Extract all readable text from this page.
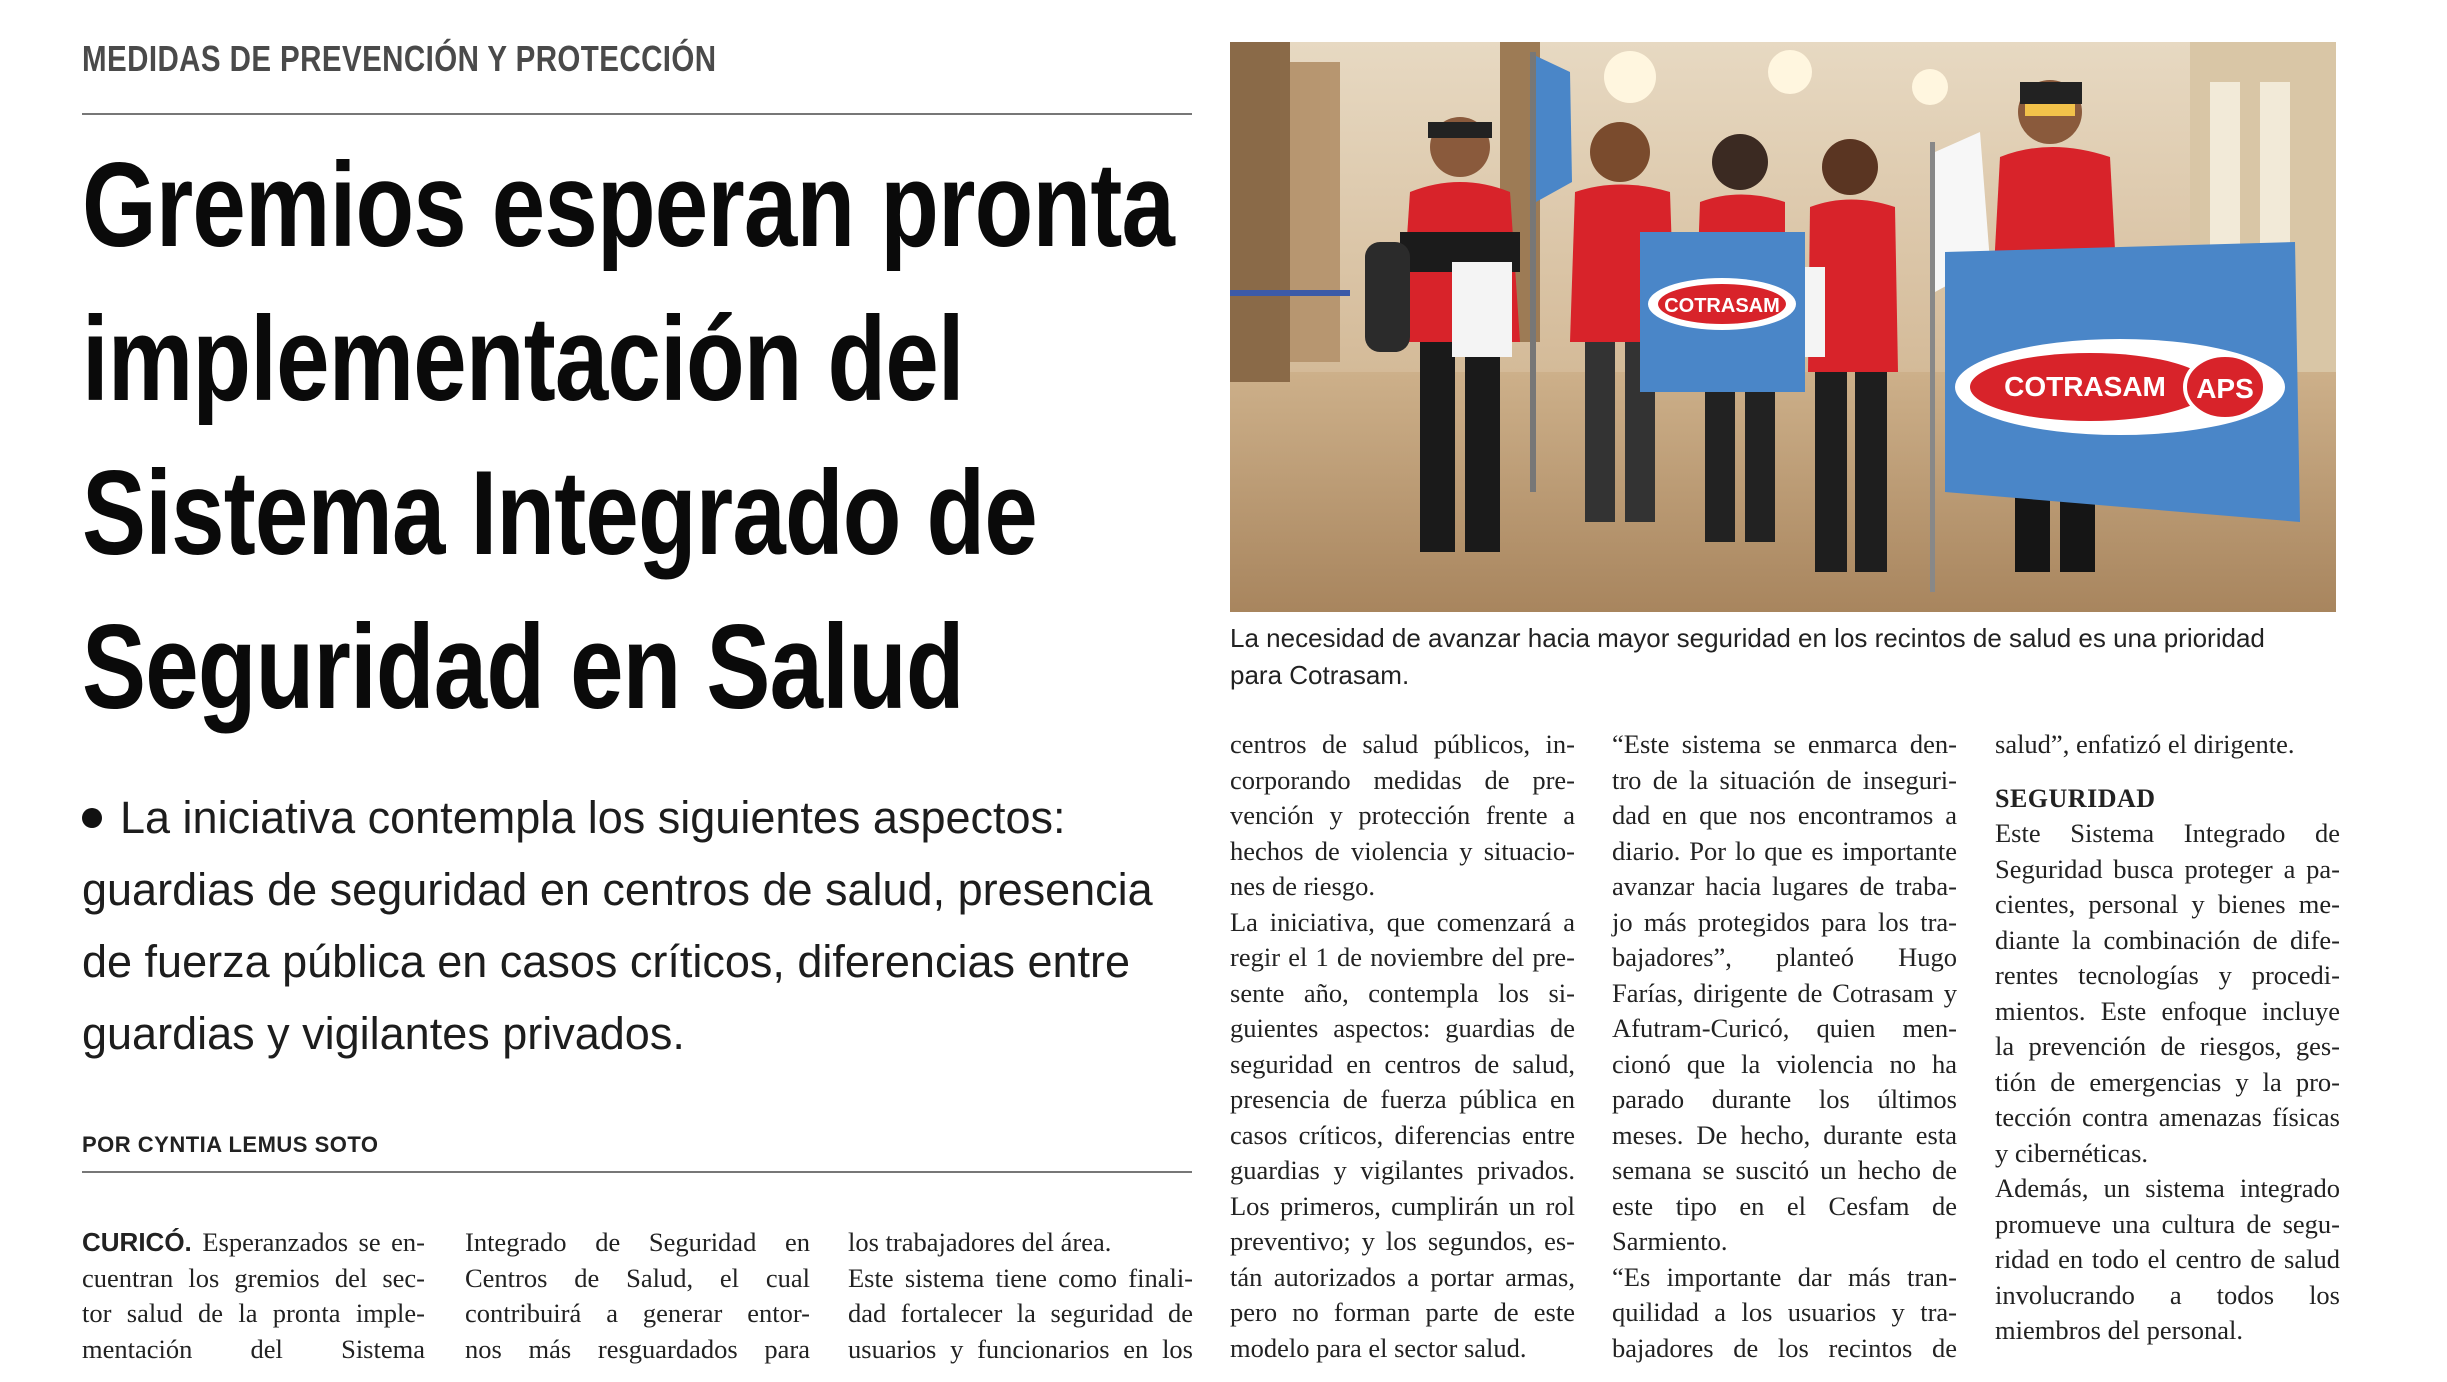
MEDIDAS DE PREVENCIÓN Y PROTECCIÓN
Gremios esperan pronta
implementación del
Sistema Integrado de
Seguridad en Salud
La iniciativa contempla los siguientes aspectos:
guardias de seguridad en centros de salud, presencia
de fuerza pública en casos críticos, diferencias entre
guardias y vigilantes privados.
POR CYNTIA LEMUS SOTO
COTRASAM
COTRASAM APS
La necesidad de avanzar hacia mayor seguridad en los recintos de salud es una prioridad
para Cotrasam.
CURICÓ. Esperanzados se en-
cuentran los gremios del sec-
tor salud de la pronta imple-
mentación del Sistema
Integrado de Seguridad en
Centros de Salud, el cual
contribuirá a generar entor-
nos más resguardados para
los trabajadores del área.
Este sistema tiene como finali-
dad fortalecer la seguridad de
usuarios y funcionarios en los
centros de salud públicos, in-
corporando medidas de pre-
vención y protección frente a
hechos de violencia y situacio-
nes de riesgo.
La iniciativa, que comenzará a
regir el 1 de noviembre del pre-
sente año, contempla los si-
guientes aspectos: guardias de
seguridad en centros de salud,
presencia de fuerza pública en
casos críticos, diferencias entre
guardias y vigilantes privados.
Los primeros, cumplirán un rol
preventivo; y los segundos, es-
tán autorizados a portar armas,
pero no forman parte de este
modelo para el sector salud.
“Este sistema se enmarca den-
tro de la situación de inseguri-
dad en que nos encontramos a
diario. Por lo que es importante
avanzar hacia lugares de traba-
jo más protegidos para los tra-
bajadores”, planteó Hugo
Farías, dirigente de Cotrasam y
Afutram-Curicó, quien men-
cionó que la violencia no ha
parado durante los últimos
meses. De hecho, durante esta
semana se suscitó un hecho de
este tipo en el Cesfam de
Sarmiento.
“Es importante dar más tran-
quilidad a los usuarios y tra-
bajadores de los recintos de
salud”, enfatizó el dirigente.
SEGURIDAD
Este Sistema Integrado de
Seguridad busca proteger a pa-
cientes, personal y bienes me-
diante la combinación de dife-
rentes tecnologías y procedi-
mientos. Este enfoque incluye
la prevención de riesgos, ges-
tión de emergencias y la pro-
tección contra amenazas físicas
y cibernéticas.
Además, un sistema integrado
promueve una cultura de segu-
ridad en todo el centro de salud
involucrando a todos los
miembros del personal.
